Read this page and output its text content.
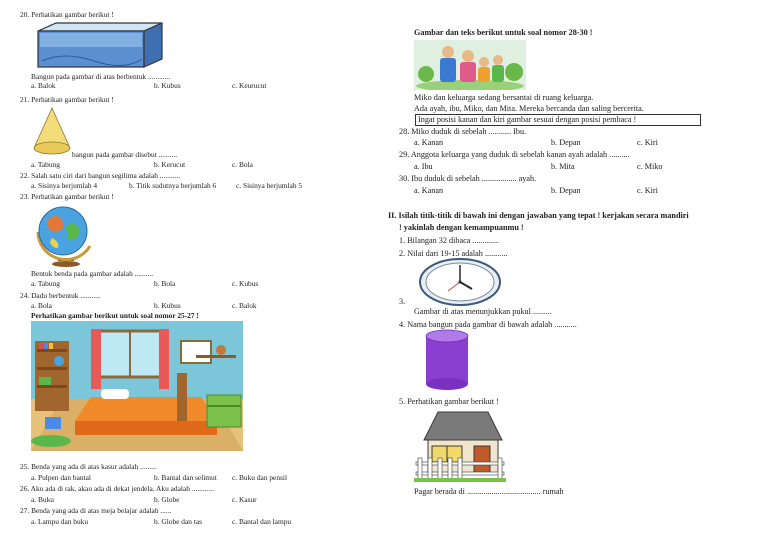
20. Perhatikan gambar berikut !
Bangun pada gambar di atas berbentuk ............
a. Balok	b. Kubus	c. Keurucut
21. Perhatikan gambar berikut !
bangun pada gambar disebut ..........
a. Tabung	b. Kerucut	c. Bola
22. Salah satu ciri dari bangun segilima adalah ...........
a. Sisinya berjumlah 4	b. Titik sudutnya berjumlah 6	c. Sisinya berjumlah 5
23. Perhatikan gambar berikut !
Bentuk benda pada gambar adalah ..........
a. Tabung	b. Bola	c. Kubus
24. Dadu berbentuk ...........
a. Bola	b. Kubus	c. Balok
Perhatikan gambar berikut untuk soal nomor 25-27 !
25. Benda yang ada di atas kasur adalah .........
a. Pulpen dan bantal	b. Bantal dan selimut c. Buku dan pensil
26. Aku ada di rak, akau ada di dekat jendela. Aku adalah ............
a. Buku	b. Globe	c. Kasur
27. Benda yang ada di atas meja belajar adalah ......
a. Lampu dan buku	b. Globe dan tas	c. Bantal dan lampu
Gambar dan teks berikut untuk soal nomor 28-30 !
Miko dan keluarga sedang bersantai di ruang keluarga.
Ada ayah, ibu, Miko, dan Mita. Mereka bercanda dan saling bercerita.
Ingat posisi kanan dan kiri gambar sesuai dengan posisi pembaca !
28. Miko duduk di sebelah ........... Ibu.
a. Kanan	b. Depan	c. Kiri
29. Anggota keluarga yang duduk di sebelah kanan ayah adalah ..........
a. Ibu	b. Mita	c. Miko
30. Ibu duduk di sebelah ................. ayah.
a. Kanan	b. Depan	c. Kiri
II. Isilah titik-titik di bawah ini dengan jawaban yang tepat ! kerjakan secara mandiri
! yakinlah dengan kemampuanmu !
1. Bilangan 32 dibaca .............
2. Nilai dari 19-15 adalah ...........
3.
Gambar di atas menunjukkan pukul .........
4. Nama bangun pada gambar di bawah adalah ...........
5. Perhatikan gambar berikut !
Pagar berada di .................................... rumah
